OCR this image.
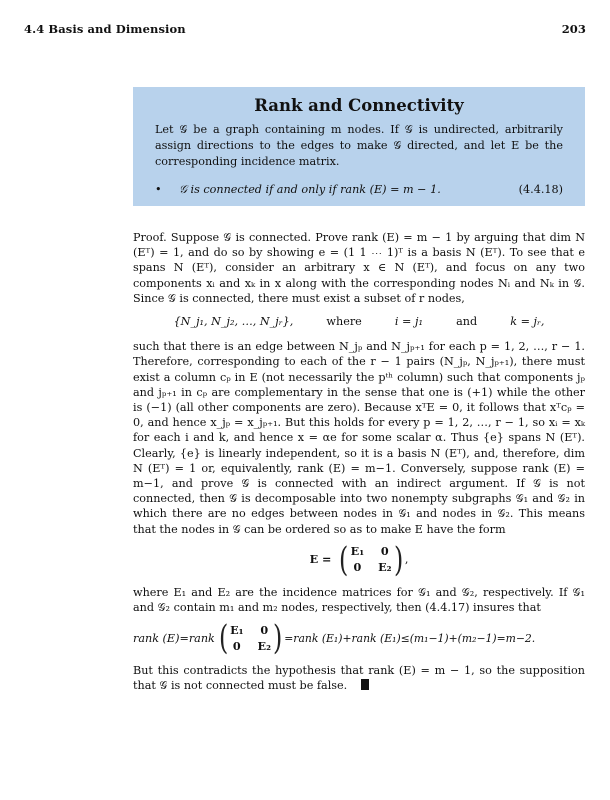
4.4 Basis and Dimension	203
Rank and Connectivity

Let 𝒢 be a graph containing m nodes. If 𝒢 is undirected, arbitrarily assign directions to the edges to make 𝒢 directed, and let E be the corresponding incidence matrix.

•	𝒢 is connected if and only if rank (E) = m − 1.	(4.4.18)

Proof. Suppose 𝒢 is connected. Prove rank (E) = m − 1 by arguing that dim N (Eᵀ) = 1, and do so by showing e = (1 1 ⋯ 1)ᵀ is a basis N (Eᵀ). To see that e spans N (Eᵀ), consider an arbitrary x ∈ N (Eᵀ), and focus on any two components xᵢ and xₖ in x along with the corresponding nodes Nᵢ and Nₖ in 𝒢. Since 𝒢 is connected, there must exist a subset of r nodes,

{N_j₁, N_j₂, …, N_jᵣ},	where	i = j₁	and	k = jᵣ,

such that there is an edge between N_jₚ and N_jₚ₊₁ for each p = 1, 2, …, r − 1. Therefore, corresponding to each of the r − 1 pairs (N_jₚ, N_jₚ₊₁), there must exist a column cₚ in E (not necessarily the pᵗʰ column) such that components jₚ and jₚ₊₁ in cₚ are complementary in the sense that one is (+1) while the other is (−1) (all other components are zero). Because xᵀE = 0, it follows that xᵀcₚ = 0, and hence x_jₚ = x_jₚ₊₁. But this holds for every p = 1, 2, …, r − 1, so xᵢ = xₖ for each i and k, and hence x = αe for some scalar α. Thus {e} spans N (Eᵀ). Clearly, {e} is linearly independent, so it is a basis N (Eᵀ), and, therefore, dim N (Eᵀ) = 1 or, equivalently, rank (E) = m−1. Conversely, suppose rank (E) = m−1, and prove 𝒢 is connected with an indirect argument. If 𝒢 is not connected, then 𝒢 is decomposable into two nonempty subgraphs 𝒢₁ and 𝒢₂ in which there are no edges between nodes in 𝒢₁ and nodes in 𝒢₂. This means that the nodes in 𝒢 can be ordered so as to make E have the form

E = ( E₁ 0
0 E₂ ) ,

where E₁ and E₂ are the incidence matrices for 𝒢₁ and 𝒢₂, respectively. If 𝒢₁ and 𝒢₂ contain m₁ and m₂ nodes, respectively, then (4.4.17) insures that

rank (E)=rank ( E₁ 0
0 E₂ ) =rank (E₁)+rank (E₁)≤(m₁−1)+(m₂−1)=m−2.

But this contradicts the hypothesis that rank (E) = m − 1, so the supposition that 𝒢 is not connected must be false.
